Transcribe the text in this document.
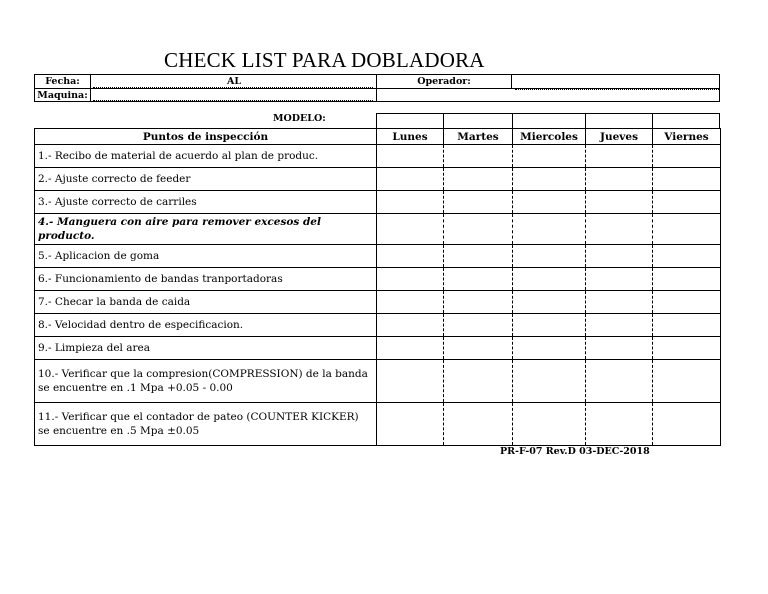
CHECK LIST PARA DOBLADORA
Fecha:	AL	Operador:
Maquina:
MODELO:
Puntos de inspección	Lunes	Martes	Miercoles	Jueves	Viernes
1.- Recibo de material de acuerdo al plan de produc.					
2.- Ajuste correcto de feeder					
3.- Ajuste correcto de carriles					
4.- Manguera con aire para remover excesos del producto.					
5.- Aplicacion de goma					
6.- Funcionamiento de bandas tranportadoras					
7.- Checar la banda de caida					
8.- Velocidad dentro de especificacion.					
9.- Limpieza del area					
10.- Verificar que la compresion(COMPRESSION) de la banda se encuentre en .1 Mpa +0.05 - 0.00					
11.- Verificar que el contador de pateo (COUNTER KICKER) se encuentre en .5 Mpa ±0.05					
PR-F-07 Rev.D 03-DEC-2018
